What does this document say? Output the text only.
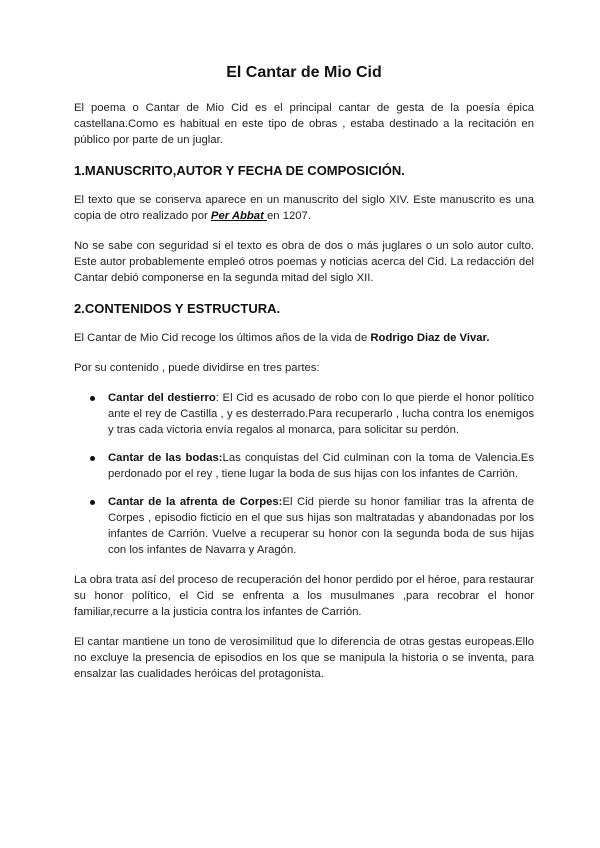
El Cantar de Mio Cid

El poema o Cantar de Mio Cid es el principal cantar de gesta de la poesía épica castellana.Como es habitual en este tipo de obras , estaba destinado a la recitación en público por parte de un juglar.

1.MANUSCRITO,AUTOR Y FECHA DE COMPOSICIÓN.

El texto que se conserva aparece en un manuscrito del siglo XIV. Este manuscrito es una copia de otro realizado por Per Abbat en 1207.

No se sabe con seguridad si el texto es obra de dos o más juglares o un solo autor culto. Este autor probablemente empleó otros poemas y noticias acerca del Cid. La redacción del Cantar debió componerse en la segunda mitad del siglo XII.

2.CONTENIDOS Y ESTRUCTURA.

El Cantar de Mio Cid recoge los últimos años de la vida de Rodrigo Diaz de Vivar.

Por su contenido , puede dividirse en tres partes:

Cantar del destierro: El Cid es acusado de robo con lo que pierde el honor político ante el rey de Castilla , y es desterrado.Para recuperarlo , lucha contra los enemigos y tras cada victoria envía regalos al monarca, para solicitar su perdón.
Cantar de las bodas:Las conquistas del Cid culminan con la toma de Valencia.Es perdonado por el rey , tiene lugar la boda de sus hijas con los infantes de Carrión.
Cantar de la afrenta de Corpes:El Cid pierde su honor familiar tras la afrenta de Corpes , episodio ficticio en el que sus hijas son maltratadas y abandonadas por los infantes de Carrión. Vuelve a recuperar su honor con la segunda boda de sus hijas con los infantes de Navarra y Aragón.

La obra trata así del proceso de recuperación del honor perdido por el héroe, para restaurar su honor político, el Cid se enfrenta a los musulmanes ,para recobrar el honor familiar,recurre a la justicia contra los infantes de Carrión.

El cantar mantiene un tono de verosimilitud que lo diferencia de otras gestas europeas.Ello no excluye la presencia de episodios en los que se manipula la historia o se inventa, para ensalzar las cualidades heróicas del protagonista.
